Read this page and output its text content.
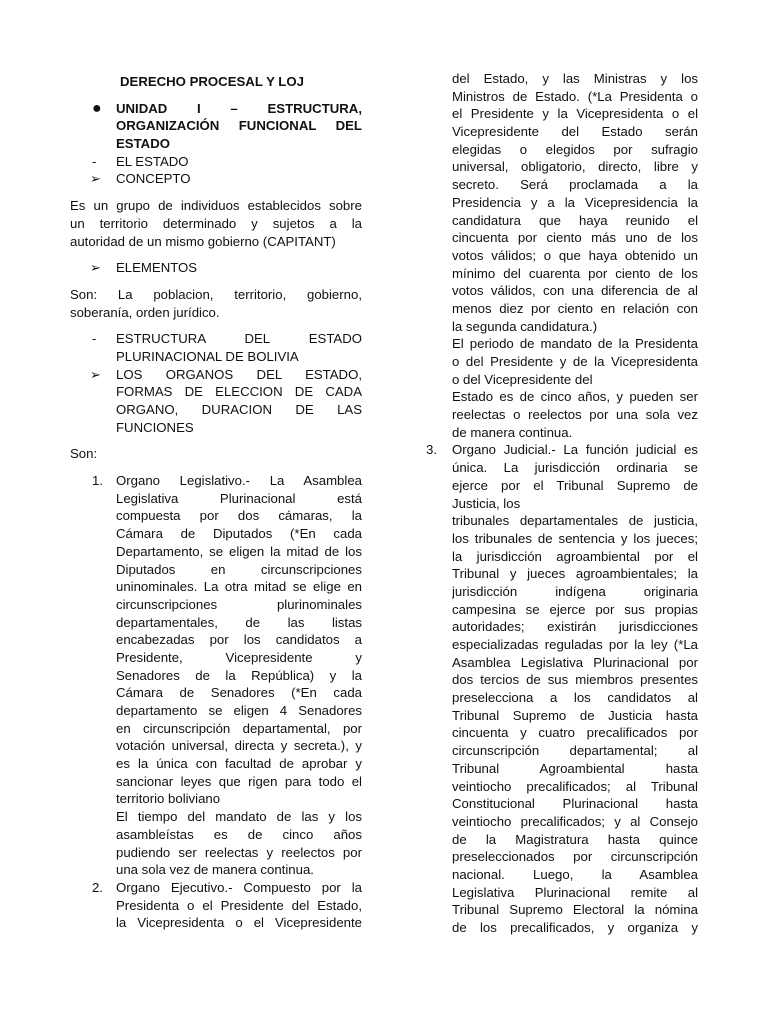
DERECHO PROCESAL Y LOJ
● UNIDAD I – ESTRUCTURA,
ORGANIZACIÓN FUNCIONAL DEL
ESTADO
- EL ESTADO
➢ CONCEPTO
Es un grupo de individuos establecidos sobre
un territorio determinado y sujetos a la
autoridad de un mismo gobierno (CAPITANT)
➢ ELEMENTOS
Son: La poblacion, territorio, gobierno,
soberanía, orden jurídico.
- ESTRUCTURA DEL ESTADO
PLURINACIONAL DE BOLIVIA
➢ LOS ORGANOS DEL ESTADO,
FORMAS DE ELECCION DE CADA
ORGANO, DURACION DE LAS
FUNCIONES
Son:
1. Organo Legislativo.- La Asamblea
Legislativa Plurinacional está
compuesta por dos cámaras, la
Cámara de Diputados (*En cada
Departamento, se eligen la mitad de los
Diputados en circunscripciones
uninominales. La otra mitad se elige en
circunscripciones plurinominales
departamentales, de las listas
encabezadas por los candidatos a
Presidente, Vicepresidente y
Senadores de la República) y la
Cámara de Senadores (*En cada
departamento se eligen 4 Senadores
en circunscripción departamental, por
votación universal, directa y secreta.), y
es la única con facultad de aprobar y
sancionar leyes que rigen para todo el
territorio boliviano
El tiempo del mandato de las y los
asambleístas es de cinco años
pudiendo ser reelectas y reelectos por
una sola vez de manera continua.
2. Organo Ejecutivo.- Compuesto por la
Presidenta o el Presidente del Estado,
la Vicepresidenta o el Vicepresidente
del Estado, y las Ministras y los
Ministros de Estado. (*La Presidenta o
el Presidente y la Vicepresidenta o el
Vicepresidente del Estado serán
elegidas o elegidos por sufragio
universal, obligatorio, directo, libre y
secreto. Será proclamada a la
Presidencia y a la Vicepresidencia la
candidatura que haya reunido el
cincuenta por ciento más uno de los
votos válidos; o que haya obtenido un
mínimo del cuarenta por ciento de los
votos válidos, con una diferencia de al
menos diez por ciento en relación con
la segunda candidatura.)
El periodo de mandato de la Presidenta
o del Presidente y de la Vicepresidenta
o del Vicepresidente del
Estado es de cinco años, y pueden ser
reelectas o reelectos por una sola vez
de manera continua.
3. Organo Judicial.- La función judicial es
única. La jurisdicción ordinaria se
ejerce por el Tribunal Supremo de
Justicia, los
tribunales departamentales de justicia,
los tribunales de sentencia y los jueces;
la jurisdicción agroambiental por el
Tribunal y jueces agroambientales; la
jurisdicción indígena originaria
campesina se ejerce por sus propias
autoridades; existirán jurisdicciones
especializadas reguladas por la ley (*La
Asamblea Legislativa Plurinacional por
dos tercios de sus miembros presentes
preselecciona a los candidatos al
Tribunal Supremo de Justicia hasta
cincuenta y cuatro precalificados por
circunscripción departamental; al
Tribunal Agroambiental hasta
veintiocho precalificados; al Tribunal
Constitucional Plurinacional hasta
veintiocho precalificados; y al Consejo
de la Magistratura hasta quince
preseleccionados por circunscripción
nacional. Luego, la Asamblea
Legislativa Plurinacional remite al
Tribunal Supremo Electoral la nómina
de los precalificados, y organiza y
